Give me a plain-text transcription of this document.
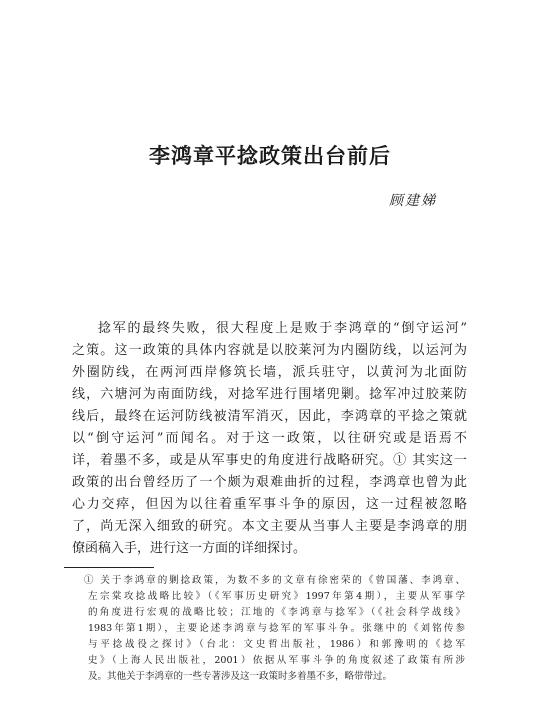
李鸿章平捻政策出台前后
顾建娣
捻军的最终失败，很大程度上是败于李鸿章的“倒守运河”
之策。这一政策的具体内容就是以胶莱河为内圈防线，以运河为
外圈防线，在两河西岸修筑长墙，派兵驻守，以黄河为北面防
线，六塘河为南面防线，对捻军进行围堵兜剿。捻军冲过胶莱防
线后，最终在运河防线被清军消灭，因此，李鸿章的平捻之策就
以“倒守运河”而闻名。对于这一政策，以往研究或是语焉不
详，着墨不多，或是从军事史的角度进行战略研究。① 其实这一
政策的出台曾经历了一个颇为艰难曲折的过程，李鸿章也曾为此
心力交瘁，但因为以往着重军事斗争的原因，这一过程被忽略
了，尚无深入细致的研究。本文主要从当事人主要是李鸿章的朋
僚函稿入手，进行这一方面的详细探讨。
① 关于李鸿章的剿捻政策，为数不多的文章有徐密荣的《曾国藩、李鸿章、
左宗棠攻捻战略比较》（《军事历史研究》1997年第4期），主要从军事学
的角度进行宏观的战略比较；江地的《李鸿章与捻军》（《社会科学战线》
1983年第1期），主要论述李鸿章与捻军的军事斗争。张继中的《刘铭传参
与平捻战役之探讨》（台北：文史哲出版社，1986）和郭豫明的《捻军
史》（上海人民出版社，2001）依据从军事斗争的角度叙述了政策有所涉
及。其他关于李鸿章的一些专著涉及这一政策时多着墨不多，略带带过。
